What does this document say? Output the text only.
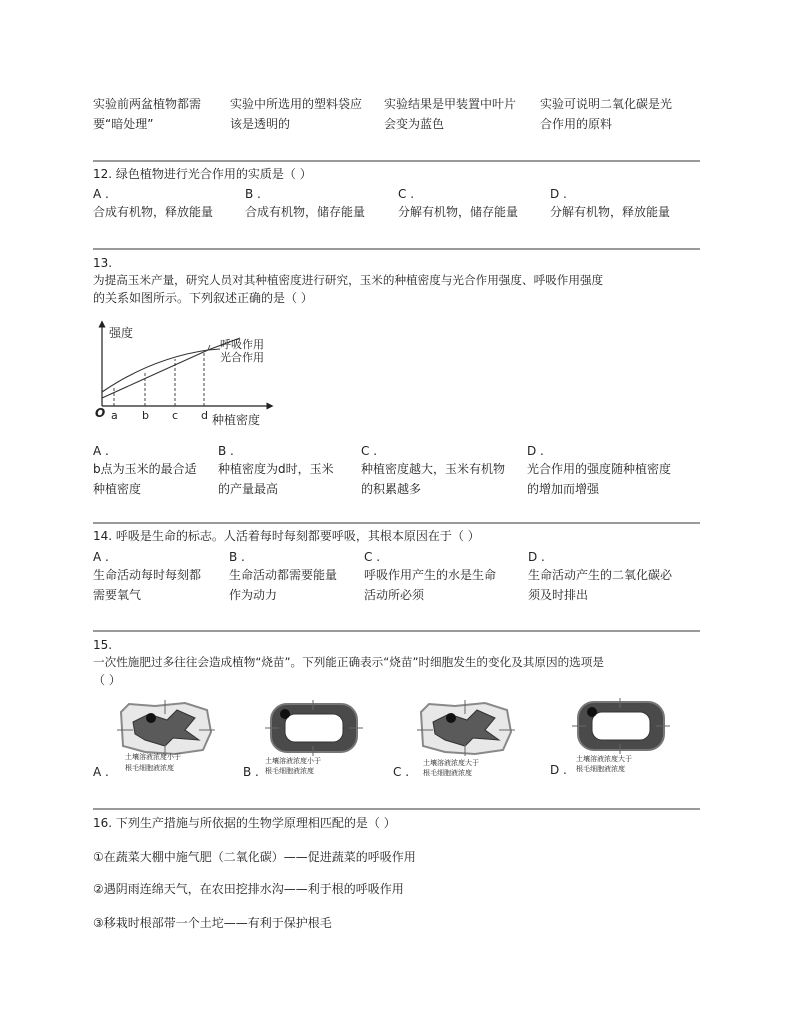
实验前两盆植物都需
要“暗处理”
实验中所选用的塑料袋应
该是透明的
实验结果是甲装置中叶片
会变为蓝色
实验可说明二氧化碳是光
合作用的原料
12. 绿色植物进行光合作用的实质是（ ）
A .
合成有机物，释放能量
B .
合成有机物，储存能量
C .
分解有机物，储存能量
D .
分解有机物，释放能量
13.
为提高玉米产量，研究人员对其种植密度进行研究，玉米的种植密度与光合作用强度、呼吸作用强度
的关系如图所示。下列叙述正确的是（ ）
强度
呼吸作用
光合作用
O a b c d 种植密度
A .
b点为玉米的最合适
种植密度
B .
种植密度为d时，玉米
的产量最高
C .
种植密度越大，玉米有机物
的积累越多
D .
光合作用的强度随种植密度
的增加而增强
14. 呼吸是生命的标志。人活着每时每刻都要呼吸，其根本原因在于（ ）
A .
生命活动每时每刻都
需要氧气
B .
生命活动都需要能量
作为动力
C .
呼吸作用产生的水是生命
活动所必须
D .
生命活动产生的二氧化碳必
须及时排出
15.
一次性施肥过多往往会造成植物“烧苗”。下列能正确表示“烧苗”时细胞发生的变化及其原因的选项是
（ ）
A .
土壤溶液浓度小于
根毛细胞液浓度	B .
土壤溶液浓度小于
根毛细胞液浓度	C .
土壤溶液浓度大于
根毛细胞液浓度	D .
土壤溶液浓度大于
根毛细胞液浓度
16. 下列生产措施与所依据的生物学原理相匹配的是（ ）
①在蔬菜大棚中施气肥（二氧化碳）——促进蔬菜的呼吸作用
②遇阴雨连绵天气，在农田挖排水沟——利于根的呼吸作用
③移栽时根部带一个土坨——有利于保护根毛
